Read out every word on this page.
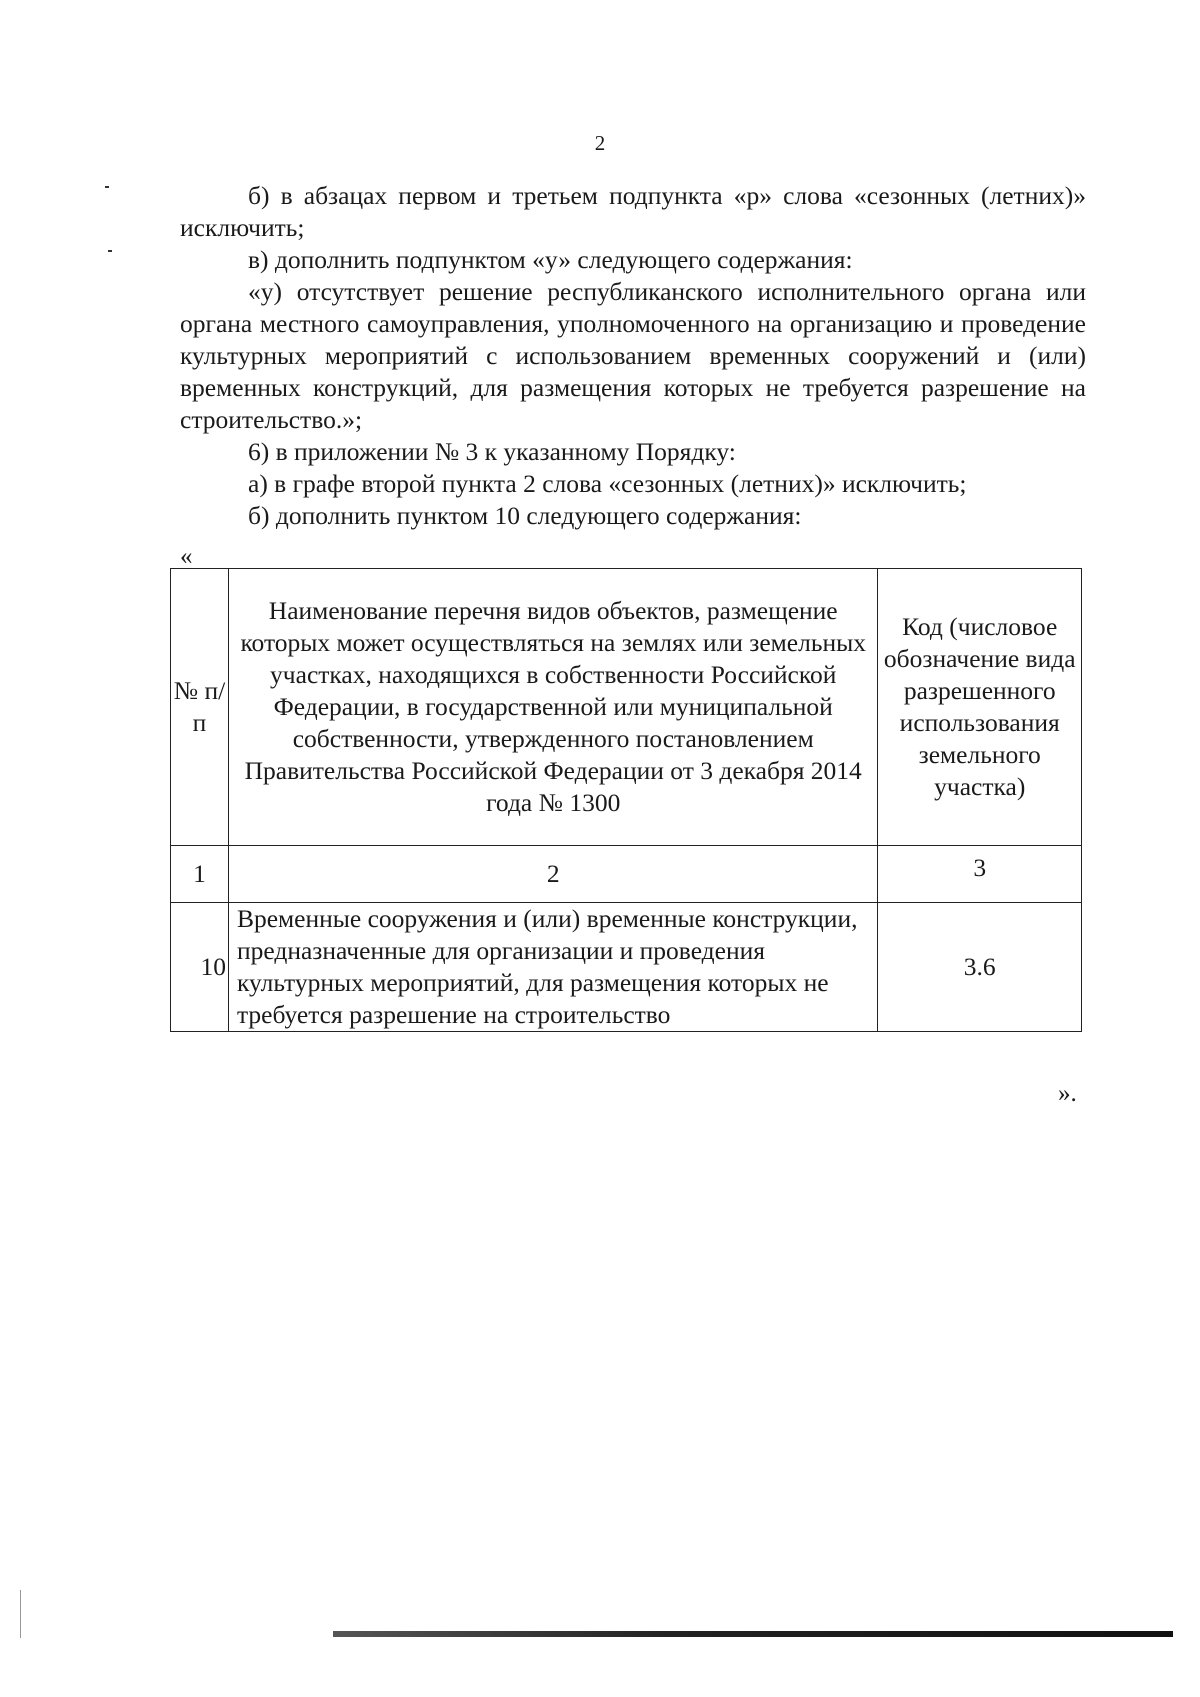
2

б) в абзацах первом и третьем подпункта «р» слова «сезонных (летних)» исключить;

в) дополнить подпунктом «у» следующего содержания:

«у) отсутствует решение республиканского исполнительного органа или органа местного самоуправления, уполномоченного на организацию и проведение культурных мероприятий с использованием временных сооружений и (или) временных конструкций, для размещения которых не требуется разрешение на строительство.»;

6) в приложении № 3 к указанному Порядку:

а) в графе второй пункта 2 слова «сезонных (летних)» исключить;

б) дополнить пунктом 10 следующего содержания:

«
№ п/п	Наименование перечня видов объектов, размещение которых может осуществляться на землях или земельных участках, находящихся в собственности Российской Федерации, в государственной или муниципальной собственности, утвержденного постановлением Правительства Российской Федерации от 3 декабря 2014 года № 1300	Код (числовое обозначение вида разрешенного использования земельного участка)
1	2	3
10	Временные сооружения и (или) временные конструкции, предназначенные для организации и проведения культурных мероприятий, для размещения которых не требуется разрешение на строительство	3.6
».
